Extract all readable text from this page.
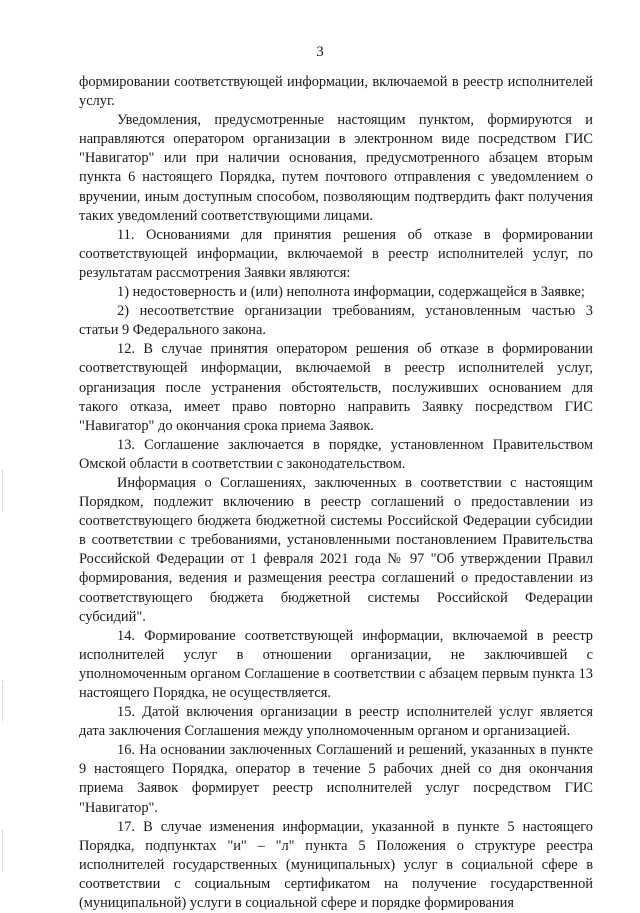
3

формировании соответствующей информации, включаемой в реестр исполнителей услуг.

Уведомления, предусмотренные настоящим пунктом, формируются и направляются оператором организации в электронном виде посредством ГИС "Навигатор" или при наличии основания, предусмотренного абзацем вторым пункта 6 настоящего Порядка, путем почтового отправления с уведомлением о вручении, иным доступным способом, позволяющим подтвердить факт получения таких уведомлений соответствующими лицами.

11. Основаниями для принятия решения об отказе в формировании соответствующей информации, включаемой в реестр исполнителей услуг, по результатам рассмотрения Заявки являются:

1) недостоверность и (или) неполнота информации, содержащейся в Заявке;

2) несоответствие организации требованиям, установленным частью 3 статьи 9 Федерального закона.

12. В случае принятия оператором решения об отказе в формировании соответствующей информации, включаемой в реестр исполнителей услуг, организация после устранения обстоятельств, послуживших основанием для такого отказа, имеет право повторно направить Заявку посредством ГИС "Навигатор" до окончания срока приема Заявок.

13. Соглашение заключается в порядке, установленном Правительством Омской области в соответствии с законодательством.

Информация о Соглашениях, заключенных в соответствии с настоящим Порядком, подлежит включению в реестр соглашений о предоставлении из соответствующего бюджета бюджетной системы Российской Федерации субсидии в соответствии с требованиями, установленными постановлением Правительства Российской Федерации от 1 февраля 2021 года № 97 "Об утверждении Правил формирования, ведения и размещения реестра соглашений о предоставлении из соответствующего бюджета бюджетной системы Российской Федерации субсидий".

14. Формирование соответствующей информации, включаемой в реестр исполнителей услуг в отношении организации, не заключившей с уполномоченным органом Соглашение в соответствии с абзацем первым пункта 13 настоящего Порядка, не осуществляется.

15. Датой включения организации в реестр исполнителей услуг является дата заключения Соглашения между уполномоченным органом и организацией.

16. На основании заключенных Соглашений и решений, указанных в пункте 9 настоящего Порядка, оператор в течение 5 рабочих дней со дня окончания приема Заявок формирует реестр исполнителей услуг посредством ГИС "Навигатор".

17. В случае изменения информации, указанной в пункте 5 настоящего Порядка, подпунктах "и" – "л" пункта 5 Положения о структуре реестра исполнителей государственных (муниципальных) услуг в социальной сфере в соответствии с социальным сертификатом на получение государственной (муниципальной) услуги в социальной сфере и порядке формирования
